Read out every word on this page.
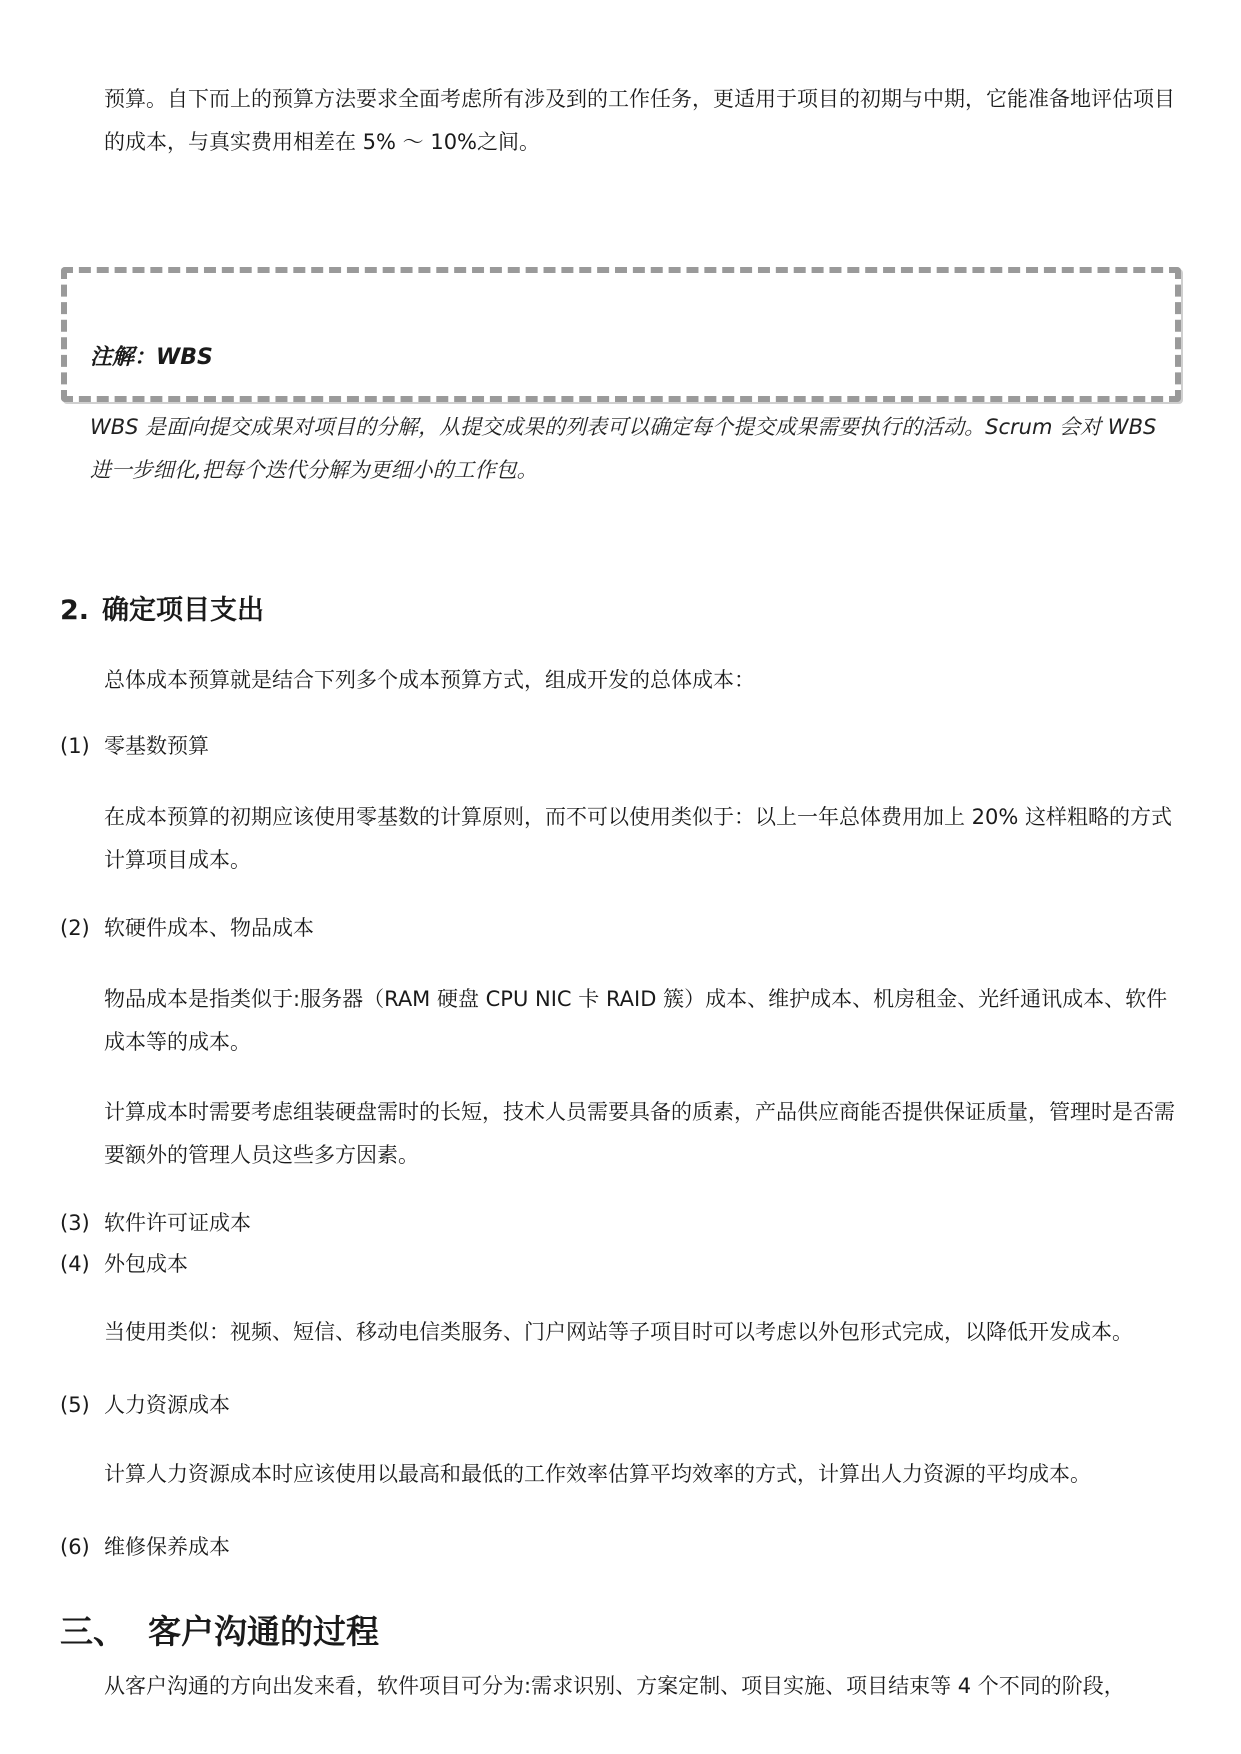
预算。自下而上的预算方法要求全面考虑所有涉及到的工作任务，更适用于项目的初期与中期，它能准备地评估项目的成本，与真实费用相差在 5% ～ 10%之间。

注解：WBS
WBS 是面向提交成果对项目的分解，从提交成果的列表可以确定每个提交成果需要执行的活动。Scrum 会对 WBS 进一步细化,把每个迭代分解为更细小的工作包。
2. 确定项目支出

总体成本预算就是结合下列多个成本预算方式，组成开发的总体成本：

(1) 零基数预算

在成本预算的初期应该使用零基数的计算原则，而不可以使用类似于：以上一年总体费用加上 20% 这样粗略的方式计算项目成本。

(2) 软硬件成本、物品成本

物品成本是指类似于:服务器（RAM 硬盘 CPU NIC 卡 RAID 簇）成本、维护成本、机房租金、光纤通讯成本、软件成本等的成本。

计算成本时需要考虑组装硬盘需时的长短，技术人员需要具备的质素，产品供应商能否提供保证质量，管理时是否需要额外的管理人员这些多方因素。

(3) 软件许可证成本
(4) 外包成本

当使用类似：视频、短信、移动电信类服务、门户网站等子项目时可以考虑以外包形式完成，以降低开发成本。

(5) 人力资源成本

计算人力资源成本时应该使用以最高和最低的工作效率估算平均效率的方式，计算出人力资源的平均成本。

(6) 维修保养成本
三、 客户沟通的过程

从客户沟通的方向出发来看，软件项目可分为:需求识别、方案定制、项目实施、项目结束等 4 个不同的阶段，
